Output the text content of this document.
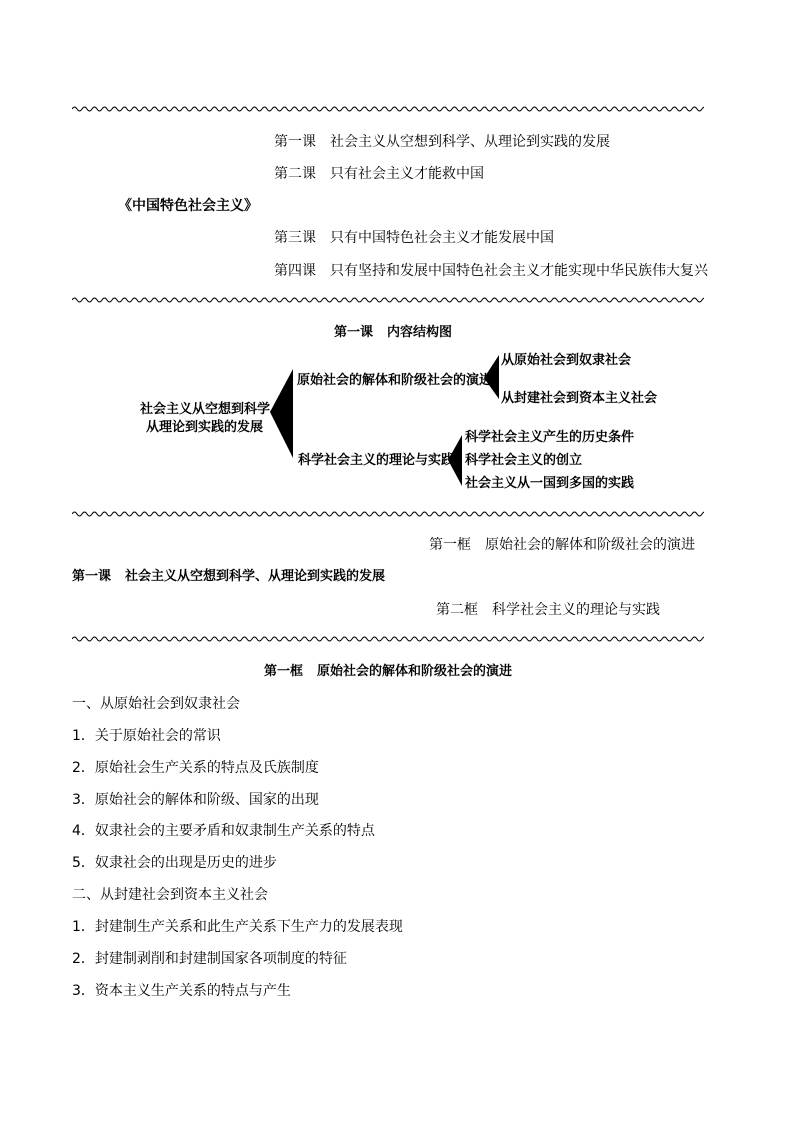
第一课 社会主义从空想到科学、从理论到实践的发展
第二课 只有社会主义才能救中国
《中国特色社会主义》
第三课 只有中国特色社会主义才能发展中国
第四课 只有坚持和发展中国特色社会主义才能实现中华民族伟大复兴
第一课 内容结构图
社会主义从空想到科学、
从理论到实践的发展
原始社会的解体和阶级社会的演进
从原始社会到奴隶社会
从封建社会到资本主义社会
科学社会主义的理论与实践
科学社会主义产生的历史条件
科学社会主义的创立
社会主义从一国到多国的实践
第一框 原始社会的解体和阶级社会的演进
第一课 社会主义从空想到科学、从理论到实践的发展
第二框 科学社会主义的理论与实践
第一框 原始社会的解体和阶级社会的演进
一、从原始社会到奴隶社会
1．关于原始社会的常识
2．原始社会生产关系的特点及氏族制度
3．原始社会的解体和阶级、国家的出现
4．奴隶社会的主要矛盾和奴隶制生产关系的特点
5．奴隶社会的出现是历史的进步
二、从封建社会到资本主义社会
1．封建制生产关系和此生产关系下生产力的发展表现
2．封建制剥削和封建制国家各项制度的特征
3．资本主义生产关系的特点与产生
